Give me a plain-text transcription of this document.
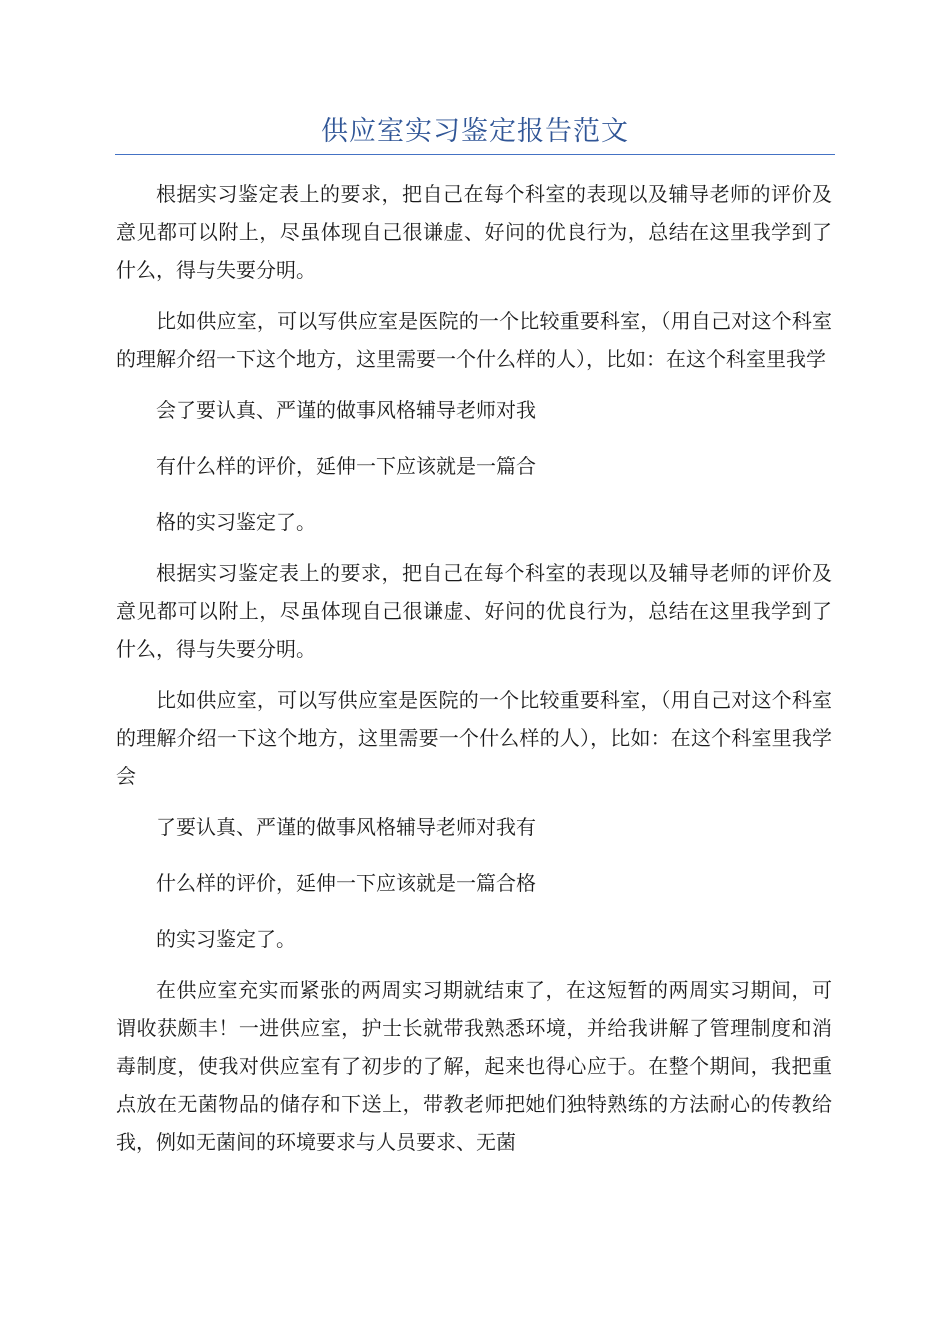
供应室实习鉴定报告范文

根据实习鉴定表上的要求，把自己在每个科室的表现以及辅导老师的评价及意见都可以附上，尽虽体现自己很谦虚、好问的优良行为，总结在这里我学到了什么，得与失要分明。

比如供应室，可以写供应室是医院的一个比较重要科室，（用自己对这个科室的理解介绍一下这个地方，这里需要一个什么样的人），比如：在这个科室里我学

会了要认真、严谨的做事风格辅导老师对我

有什么样的评价，延伸一下应该就是一篇合

格的实习鉴定了。

根据实习鉴定表上的要求，把自己在每个科室的表现以及辅导老师的评价及意见都可以附上，尽虽体现自己很谦虚、好问的优良行为，总结在这里我学到了什么，得与失要分明。

比如供应室，可以写供应室是医院的一个比较重要科室，（用自己对这个科室的理解介绍一下这个地方，这里需要一个什么样的人），比如：在这个科室里我学会

了要认真、严谨的做事风格辅导老师对我有

什么样的评价，延伸一下应该就是一篇合格

的实习鉴定了。

在供应室充实而紧张的两周实习期就结束了，在这短暂的两周实习期间，可谓收获颇丰！一进供应室，护士长就带我熟悉环境，并给我讲解了管理制度和消毒制度，使我对供应室有了初步的了解，起来也得心应于。在整个期间，我把重点放在无菌物品的储存和下送上，带教老师把她们独特熟练的方法耐心的传教给我，例如无菌间的环境要求与人员要求、无菌
